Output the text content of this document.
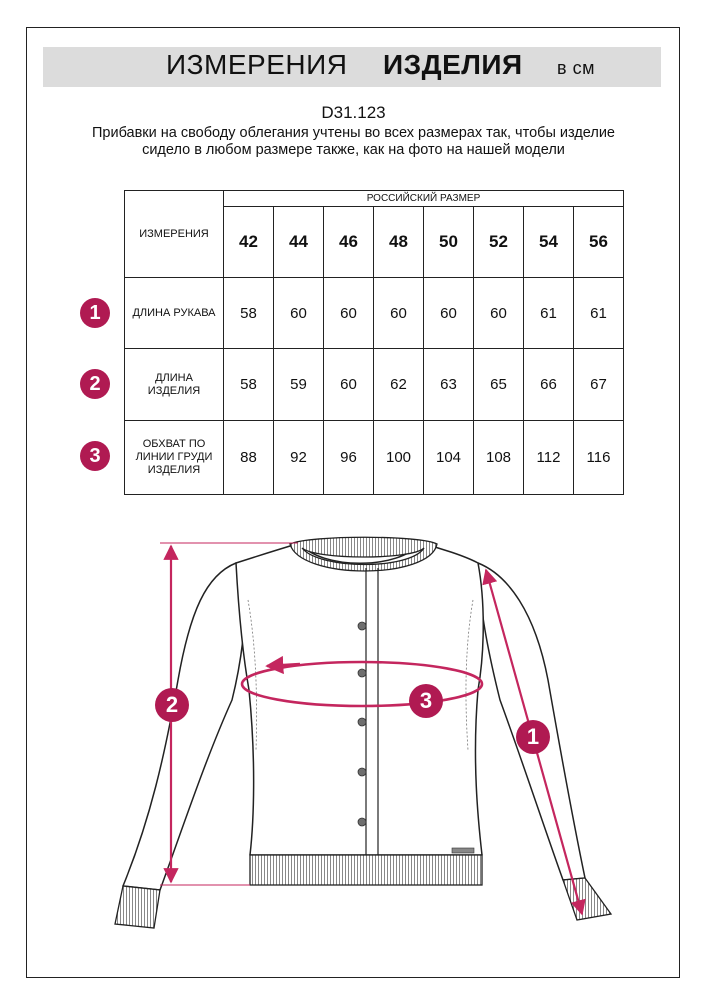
ИЗМЕРЕНИЯ ИЗДЕЛИЯ в см
D31.123
Прибавки на свободу облегания учтены во всех размерах так, чтобы изделие сидело в любом размере также, как на фото на нашей модели
ИЗМЕРЕНИЯ	РОССИЙСКИЙ РАЗМЕР							
	42	44	46	48	50	52	54	56
ДЛИНА РУКАВА	58	60	60	60	60	60	61	61
ДЛИНА
ИЗДЕЛИЯ	58	59	60	62	63	65	66	67
ОБХВАТ ПО
ЛИНИИ ГРУДИ
ИЗДЕЛИЯ	88	92	96	100	104	108	112	116
1
2
3
2	3
1
